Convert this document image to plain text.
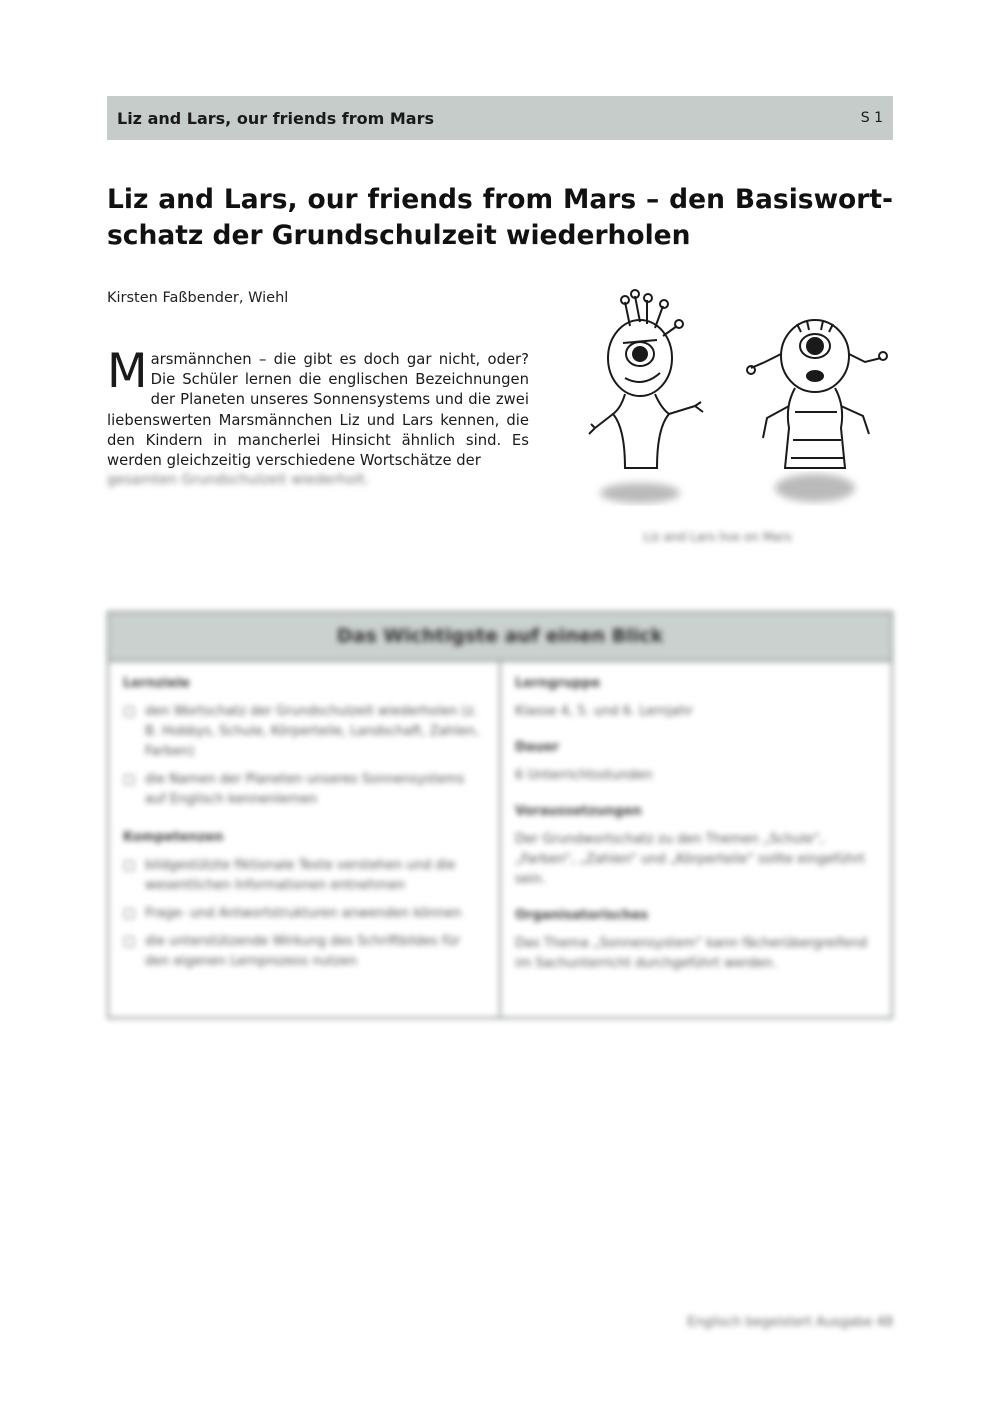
Liz and Lars, our friends from Mars	S 1
Liz and Lars, our friends from Mars – den Basiswort-schatz der Grundschulzeit wiederholen
Kirsten Faßbender, Wiehl

Marsmännchen – die gibt es doch gar nicht, oder? Die Schüler lernen die englischen Bezeichnungen der Planeten unseres Sonnensystems und die zwei liebenswerten Marsmännchen Liz und Lars kennen, die den Kindern in mancherlei Hinsicht ähnlich sind. Es werden gleichzeitig verschiedene Wortschätze der

gesamten Grundschulzeit wiederholt.
Liz and Lars live on Mars
Das Wichtigste auf einen Blick
Lernziele
□ den Wortschatz der Grundschulzeit wiederholen (z. B. Hobbys, Schule, Körperteile, Landschaft, Zahlen, Farben)
□ die Namen der Planeten unseres Sonnensystems auf Englisch kennenlernen
Kompetenzen
□ bildgestützte fiktionale Texte verstehen und die wesentlichen Informationen entnehmen
□ Frage- und Antwortstrukturen anwenden können
□ die unterstützende Wirkung des Schriftbildes für den eigenen Lernprozess nutzen
Lerngruppe
Klasse 4, 5. und 6. Lernjahr
Dauer
6 Unterrichtsstunden
Voraussetzungen
Der Grundwortschatz zu den Themen „Schule“, „Farben“, „Zahlen“ und „Körperteile“ sollte eingeführt sein.
Organisatorisches
Das Thema „Sonnensystem“ kann fächerübergreifend im Sachunterricht durchgeführt werden.
Englisch begeistert Ausgabe 48
